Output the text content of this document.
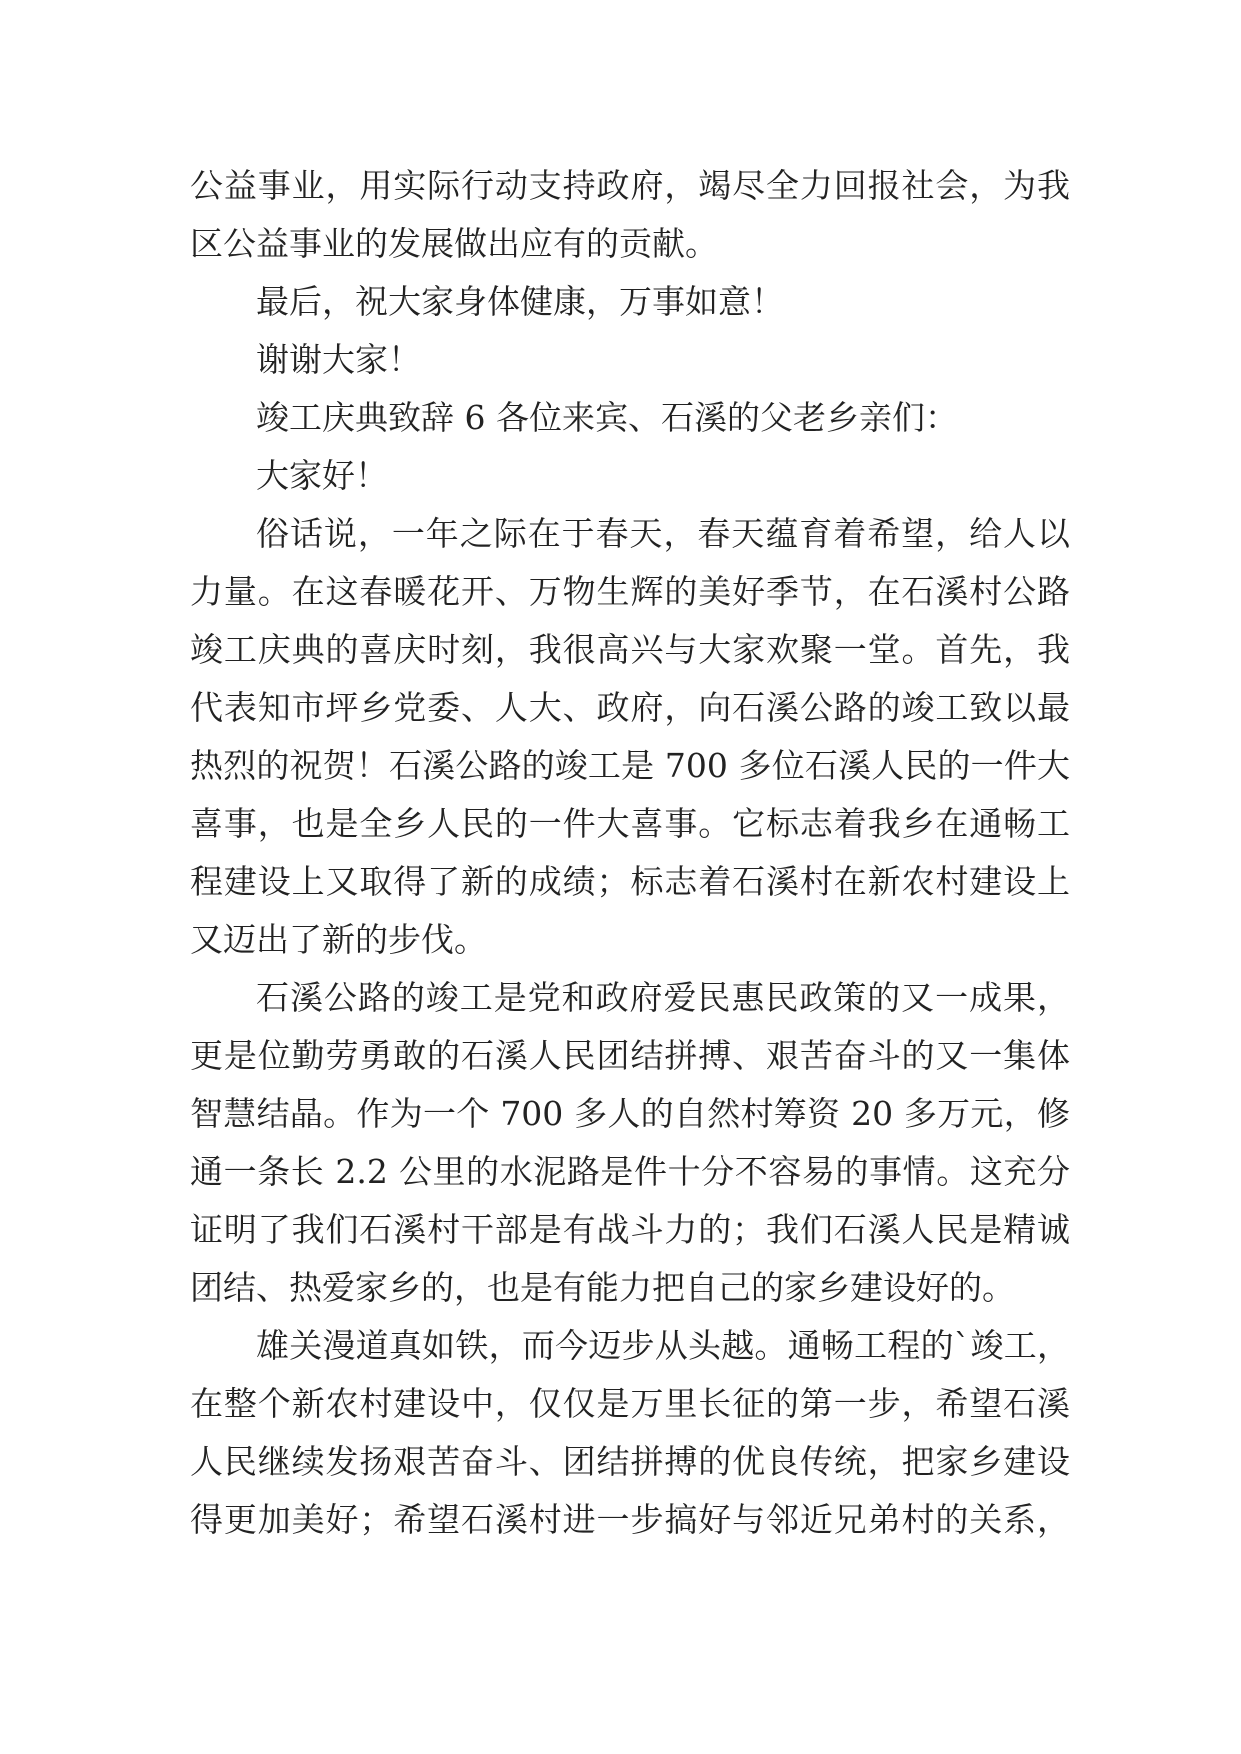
公益事业，用实际行动支持政府，竭尽全力回报社会，为我
区公益事业的发展做出应有的贡献。
最后，祝大家身体健康，万事如意！
谢谢大家！
竣工庆典致辞 6 各位来宾、石溪的父老乡亲们：
大家好！
俗话说，一年之际在于春天，春天蕴育着希望，给人以
力量。在这春暖花开、万物生辉的美好季节，在石溪村公路
竣工庆典的喜庆时刻，我很高兴与大家欢聚一堂。首先，我
代表知市坪乡党委、人大、政府，向石溪公路的竣工致以最
热烈的祝贺！石溪公路的竣工是 700 多位石溪人民的一件大
喜事，也是全乡人民的一件大喜事。它标志着我乡在通畅工
程建设上又取得了新的成绩；标志着石溪村在新农村建设上
又迈出了新的步伐。
石溪公路的竣工是党和政府爱民惠民政策的又一成果，
更是位勤劳勇敢的石溪人民团结拼搏、艰苦奋斗的又一集体
智慧结晶。作为一个 700 多人的自然村筹资 20 多万元，修
通一条长 2.2 公里的水泥路是件十分不容易的事情。这充分
证明了我们石溪村干部是有战斗力的；我们石溪人民是精诚
团结、热爱家乡的，也是有能力把自己的家乡建设好的。
雄关漫道真如铁，而今迈步从头越。通畅工程的`竣工，
在整个新农村建设中，仅仅是万里长征的第一步，希望石溪
人民继续发扬艰苦奋斗、团结拼搏的优良传统，把家乡建设
得更加美好；希望石溪村进一步搞好与邻近兄弟村的关系，
